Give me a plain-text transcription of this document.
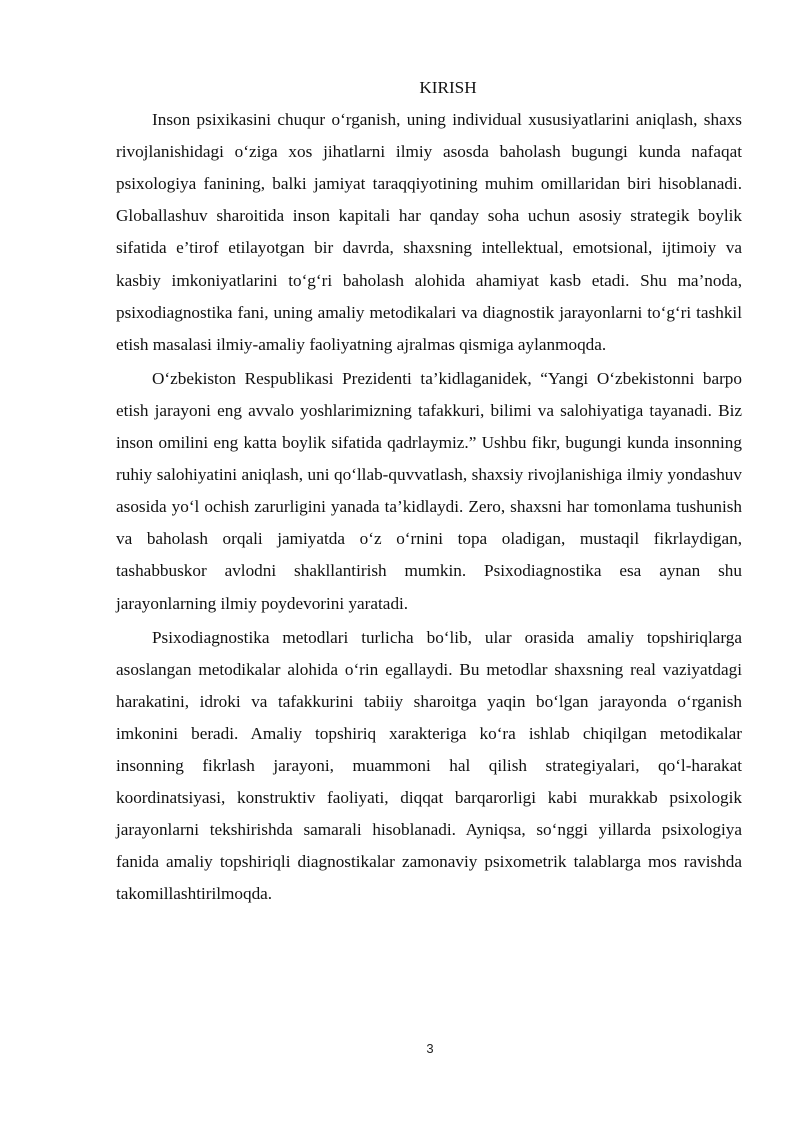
KIRISH

Inson psixikasini chuqur o‘rganish, uning individual xususiyatlarini aniqlash, shaxs rivojlanishidagi o‘ziga xos jihatlarni ilmiy asosda baholash bugungi kunda nafaqat psixologiya fanining, balki jamiyat taraqqiyotining muhim omillaridan biri hisoblanadi. Globallashuv sharoitida inson kapitali har qanday soha uchun asosiy strategik boylik sifatida e’tirof etilayotgan bir davrda, shaxsning intellektual, emotsional, ijtimoiy va kasbiy imkoniyatlarini to‘g‘ri baholash alohida ahamiyat kasb etadi. Shu ma’noda, psixodiagnostika fani, uning amaliy metodikalari va diagnostik jarayonlarni to‘g‘ri tashkil etish masalasi ilmiy-amaliy faoliyatning ajralmas qismiga aylanmoqda.

O‘zbekiston Respublikasi Prezidenti ta’kidlaganidek, “Yangi O‘zbekistonni barpo etish jarayoni eng avvalo yoshlarimizning tafakkuri, bilimi va salohiyatiga tayanadi. Biz inson omilini eng katta boylik sifatida qadrlaymiz.” Ushbu fikr, bugungi kunda insonning ruhiy salohiyatini aniqlash, uni qo‘llab-quvvatlash, shaxsiy rivojlanishiga ilmiy yondashuv asosida yo‘l ochish zarurligini yanada ta’kidlaydi. Zero, shaxsni har tomonlama tushunish va baholash orqali jamiyatda o‘z o‘rnini topa oladigan, mustaqil fikrlaydigan, tashabbuskor avlodni shakllantirish mumkin. Psixodiagnostika esa aynan shu jarayonlarning ilmiy poydevorini yaratadi.

Psixodiagnostika metodlari turlicha bo‘lib, ular orasida amaliy topshiriqlarga asoslangan metodikalar alohida o‘rin egallaydi. Bu metodlar shaxsning real vaziyatdagi harakatini, idroki va tafakkurini tabiiy sharoitga yaqin bo‘lgan jarayonda o‘rganish imkonini beradi. Amaliy topshiriq xarakteriga ko‘ra ishlab chiqilgan metodikalar insonning fikrlash jarayoni, muammoni hal qilish strategiyalari, qo‘l-harakat koordinatsiyasi, konstruktiv faoliyati, diqqat barqarorligi kabi murakkab psixologik jarayonlarni tekshirishda samarali hisoblanadi. Ayniqsa, so‘nggi yillarda psixologiya fanida amaliy topshiriqli diagnostikalar zamonaviy psixometrik talablarga mos ravishda takomillashtirilmoqda.

3
